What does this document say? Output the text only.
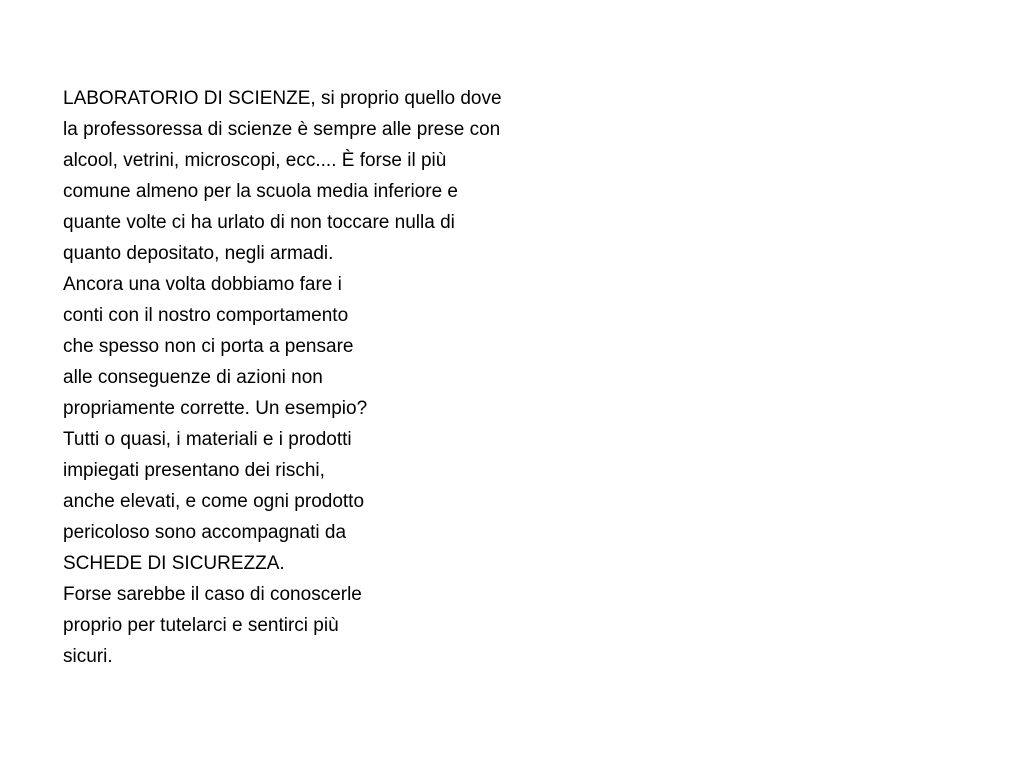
LABORATORIO DI SCIENZE, si proprio quello dove
la professoressa di scienze è sempre alle prese con
alcool, vetrini, microscopi, ecc.... È forse il più
comune almeno per la scuola media inferiore e
quante volte ci ha urlato di non toccare nulla di
quanto depositato, negli armadi.
Ancora una volta dobbiamo fare i
conti con il nostro comportamento
che spesso non ci porta a pensare
alle conseguenze di azioni non
propriamente corrette. Un esempio?
Tutti o quasi, i materiali e i prodotti
impiegati presentano dei rischi,
anche elevati, e come ogni prodotto
pericoloso sono accompagnati da
SCHEDE DI SICUREZZA.
Forse sarebbe il caso di conoscerle
proprio per tutelarci e sentirci più
sicuri.
